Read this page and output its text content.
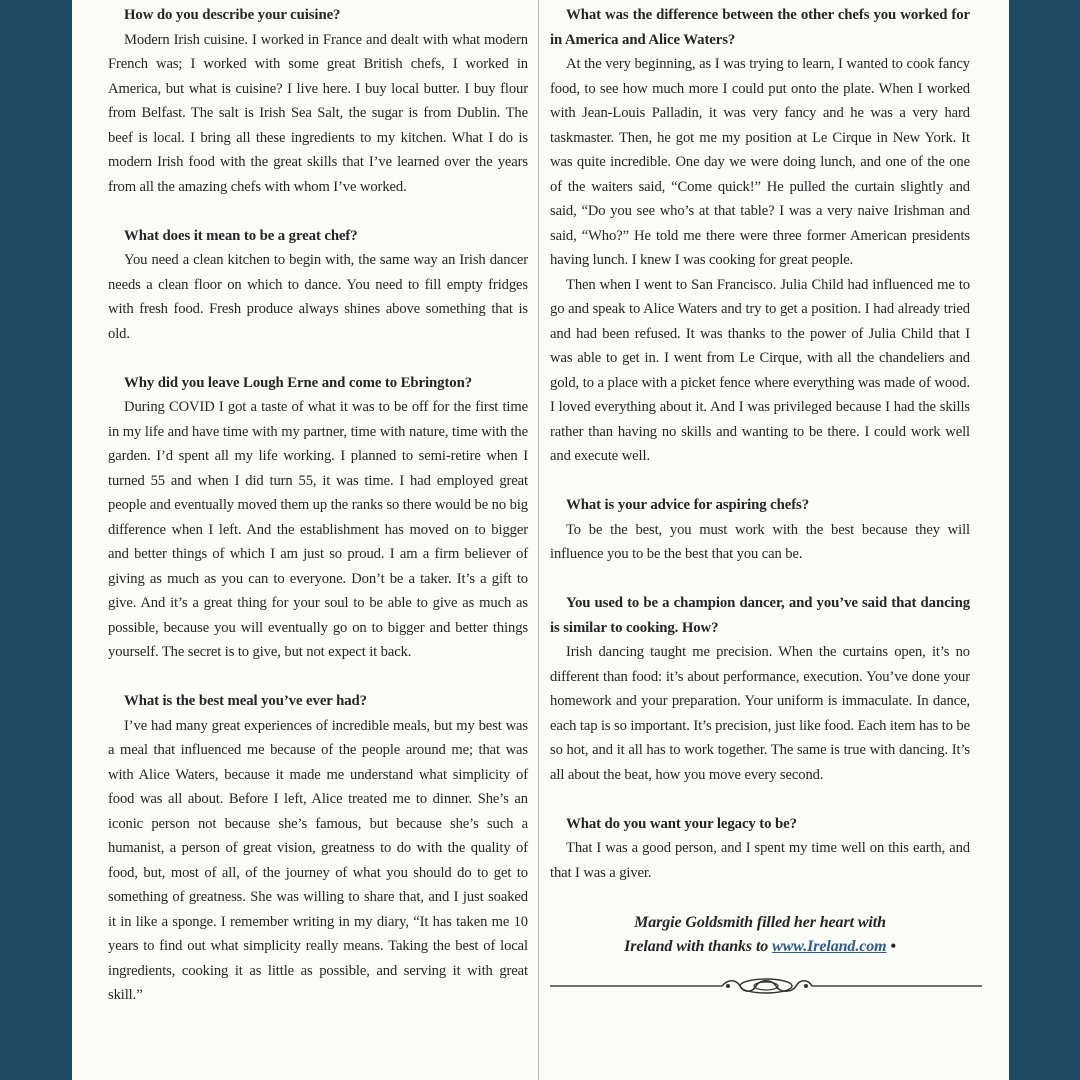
How do you describe your cuisine?

Modern Irish cuisine. I worked in France and dealt with what modern French was; I worked with some great British chefs, I worked in America, but what is cuisine? I live here. I buy local butter. I buy flour from Belfast. The salt is Irish Sea Salt, the sugar is from Dublin. The beef is local. I bring all these ingredients to my kitchen. What I do is modern Irish food with the great skills that I’ve learned over the years from all the amazing chefs with whom I’ve worked.

What does it mean to be a great chef?

You need a clean kitchen to begin with, the same way an Irish dancer needs a clean floor on which to dance. You need to fill empty fridges with fresh food. Fresh produce always shines above something that is old.

Why did you leave Lough Erne and come to Ebrington?

During COVID I got a taste of what it was to be off for the first time in my life and have time with my partner, time with nature, time with the garden. I’d spent all my life working. I planned to semi-retire when I turned 55 and when I did turn 55, it was time. I had employed great people and eventually moved them up the ranks so there would be no big difference when I left. And the establishment has moved on to bigger and better things of which I am just so proud. I am a firm believer of giving as much as you can to everyone. Don’t be a taker. It’s a gift to give. And it’s a great thing for your soul to be able to give as much as possible, because you will eventually go on to bigger and better things yourself. The secret is to give, but not expect it back.

What is the best meal you’ve ever had?

I’ve had many great experiences of incredible meals, but my best was a meal that influenced me because of the people around me; that was with Alice Waters, because it made me understand what simplicity of food was all about. Before I left, Alice treated me to dinner. She’s an iconic person not because she’s famous, but because she’s such a humanist, a person of great vision, greatness to do with the quality of food, but, most of all, of the journey of what you should do to get to something of greatness. She was willing to share that, and I just soaked it in like a sponge. I remember writing in my diary, “It has taken me 10 years to find out what simplicity really means. Taking the best of local ingredients, cooking it as little as possible, and serving it with great skill.”

What was the difference between the other chefs you worked for in America and Alice Waters?

At the very beginning, as I was trying to learn, I wanted to cook fancy food, to see how much more I could put onto the plate. When I worked with Jean-Louis Palladin, it was very fancy and he was a very hard taskmaster. Then, he got me my position at Le Cirque in New York. It was quite incredible. One day we were doing lunch, and one of the one of the waiters said, “Come quick!” He pulled the curtain slightly and said, “Do you see who’s at that table? I was a very naive Irishman and said, “Who?” He told me there were three former American presidents having lunch. I knew I was cooking for great people.

Then when I went to San Francisco. Julia Child had influenced me to go and speak to Alice Waters and try to get a position. I had already tried and had been refused. It was thanks to the power of Julia Child that I was able to get in. I went from Le Cirque, with all the chandeliers and gold, to a place with a picket fence where everything was made of wood. I loved everything about it. And I was privileged because I had the skills rather than having no skills and wanting to be there. I could work well and execute well.

What is your advice for aspiring chefs?

To be the best, you must work with the best because they will influence you to be the best that you can be.

You used to be a champion dancer, and you’ve said that dancing is similar to cooking. How?

Irish dancing taught me precision. When the curtains open, it’s no different than food: it’s about performance, execution. You’ve done your homework and your preparation. Your uniform is immaculate. In dance, each tap is so important. It’s precision, just like food. Each item has to be so hot, and it all has to work together. The same is true with dancing. It’s all about the beat, how you move every second.

What do you want your legacy to be?

That I was a good person, and I spent my time well on this earth, and that I was a giver.

Margie Goldsmith filled her heart with
Ireland with thanks to www.Ireland.com •
